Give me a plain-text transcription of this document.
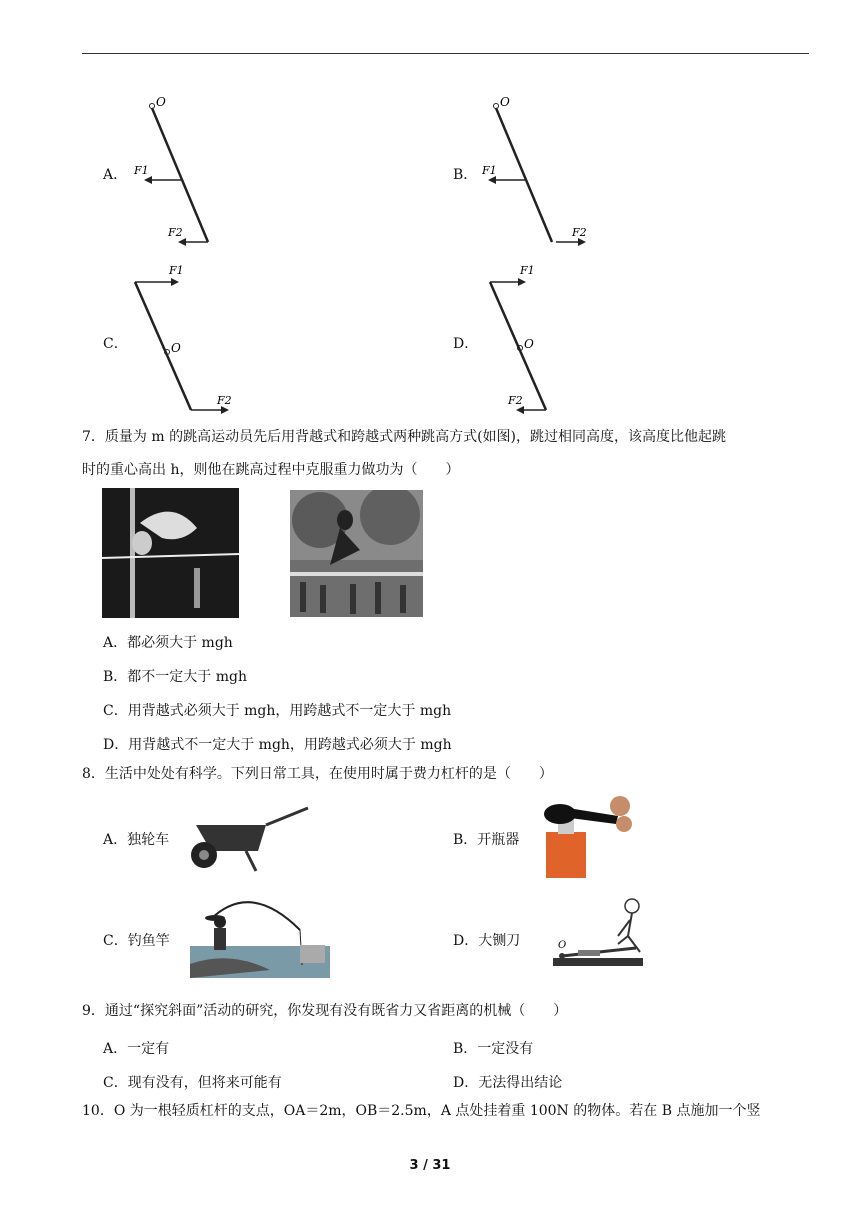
A．
O
F1
F2
B．
O
F1
F2
C．
F1
O
F2
D．
F1
O
F2
7．质量为 m 的跳高运动员先后用背越式和跨越式两种跳高方式(如图)，跳过相同高度，该高度比他起跳
时的重心高出 h，则他在跳高过程中克服重力做功为（　　）
A．都必须大于 mgh
B．都不一定大于 mgh
C．用背越式必须大于 mgh，用跨越式不一定大于 mgh
D．用背越式不一定大于 mgh，用跨越式必须大于 mgh
8．生活中处处有科学。下列日常工具，在使用时属于费力杠杆的是（　　）
A．独轮车	B．开瓶器
C．钓鱼竿	D．大铡刀	O
9．通过“探究斜面”活动的研究，你发现有没有既省力又省距离的机械（　　）
A．一定有	B．一定没有
C．现有没有，但将来可能有	D．无法得出结论
10．O 为一根轻质杠杆的支点，OA＝2m，OB＝2.5m，A 点处挂着重 100N 的物体。若在 B 点施加一个竖
3 / 31
